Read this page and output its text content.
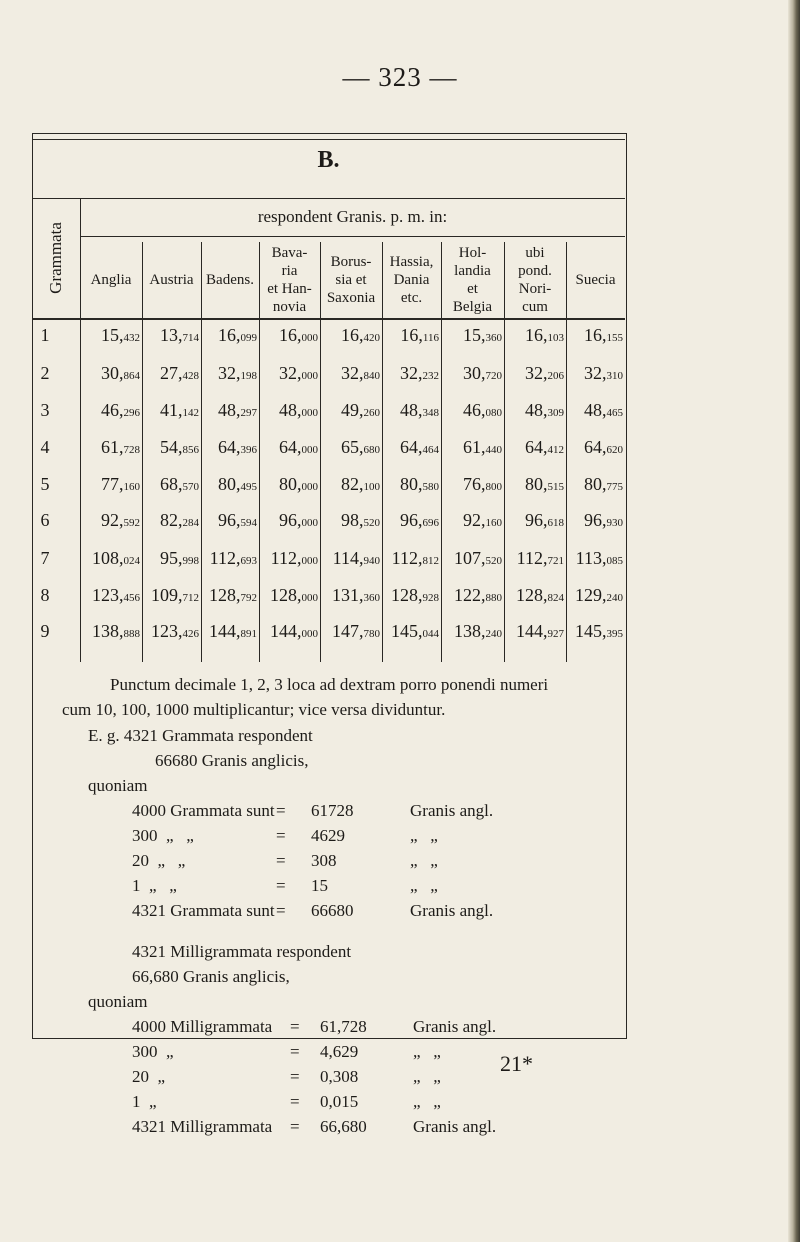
— 323 —
B.
Grammata
respondent Granis. p. m. in:
Anglia Austria Badens.
Bava-
ria
et Han-
novia
Borus-
sia et
Saxonia
Hassia,
Dania
etc.
Hol-
landia
et
Belgia
ubi
pond.
Nori-
cum
Suecia
1	15,432	13,714	16,099	16,000	16,420	16,116	15,360	16,103	16,155
2	30,864	27,428	32,198	32,000	32,840	32,232	30,720	32,206	32,310
3	46,296	41,142	48,297	48,000	49,260	48,348	46,080	48,309	48,465
4	61,728	54,856	64,396	64,000	65,680	64,464	61,440	64,412	64,620
5	77,160	68,570	80,495	80,000	82,100	80,580	76,800	80,515	80,775
6	92,592	82,284	96,594	96,000	98,520	96,696	92,160	96,618	96,930
7	108,024	95,998 112,693 112,000 114,940 112,812 107,520 112,721 113,085
8	123,456 109,712 128,792 128,000 131,360 128,928 122,880 128,824 129,240
9	138,888 123,426 144,891 144,000 147,780 145,044 138,240 144,927 145,395
Punctum decimale 1, 2, 3 loca ad dextram porro ponendi numeri
cum 10, 100, 1000 multiplicantur; vice versa dividuntur.
E. g. 4321 Grammata respondent
66680 Granis anglicis,
quoniam
4000 Grammata sunt = 61728	Granis angl.
300  „   „	= 4629	„   „
20  „   „	= 308	„   „
1  „   „	= 15	„   „
4321 Grammata sunt = 66680	Granis angl.
4321 Milligrammata respondent
66,680 Granis anglicis,
quoniam
4000 Milligrammata = 61,728	Granis angl.
300  „	= 4,629	„   „
20  „	= 0,308	„   „
1  „	= 0,015	„   „
4321 Milligrammata = 66,680	Granis angl.
21*
